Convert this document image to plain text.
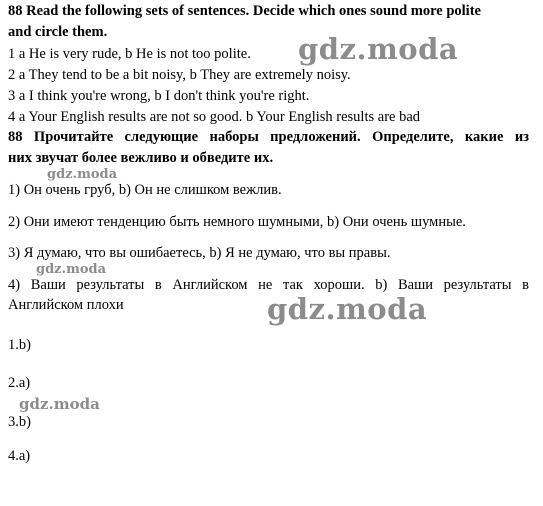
88 Read the following sets of sentences. Decide which ones sound more polite
and circle them.
1 a He is very rude, b He is not too polite.
2 a They tend to be a bit noisy, b They are extremely noisy.
3 a I think you're wrong, b I don't think you're right.
4 a Your English results are not so good. b Your English results are bad
88 Прочитайте следующие наборы предложений. Определите, какие из
них звучат более вежливо и обведите их.
1) Он очень груб, b) Он не слишком вежлив.
2) Они имеют тенденцию быть немного шумными, b) Они очень шумные.
3) Я думаю, что вы ошибаетесь, b) Я не думаю, что вы правы.
4) Ваши результаты в Английском не так хороши. b) Ваши результаты в
Английском плохи
1.b)
2.a)
3.b)
4.a)
gdz.moda
gdz.moda
gdz.moda
gdz.moda
gdz.moda
